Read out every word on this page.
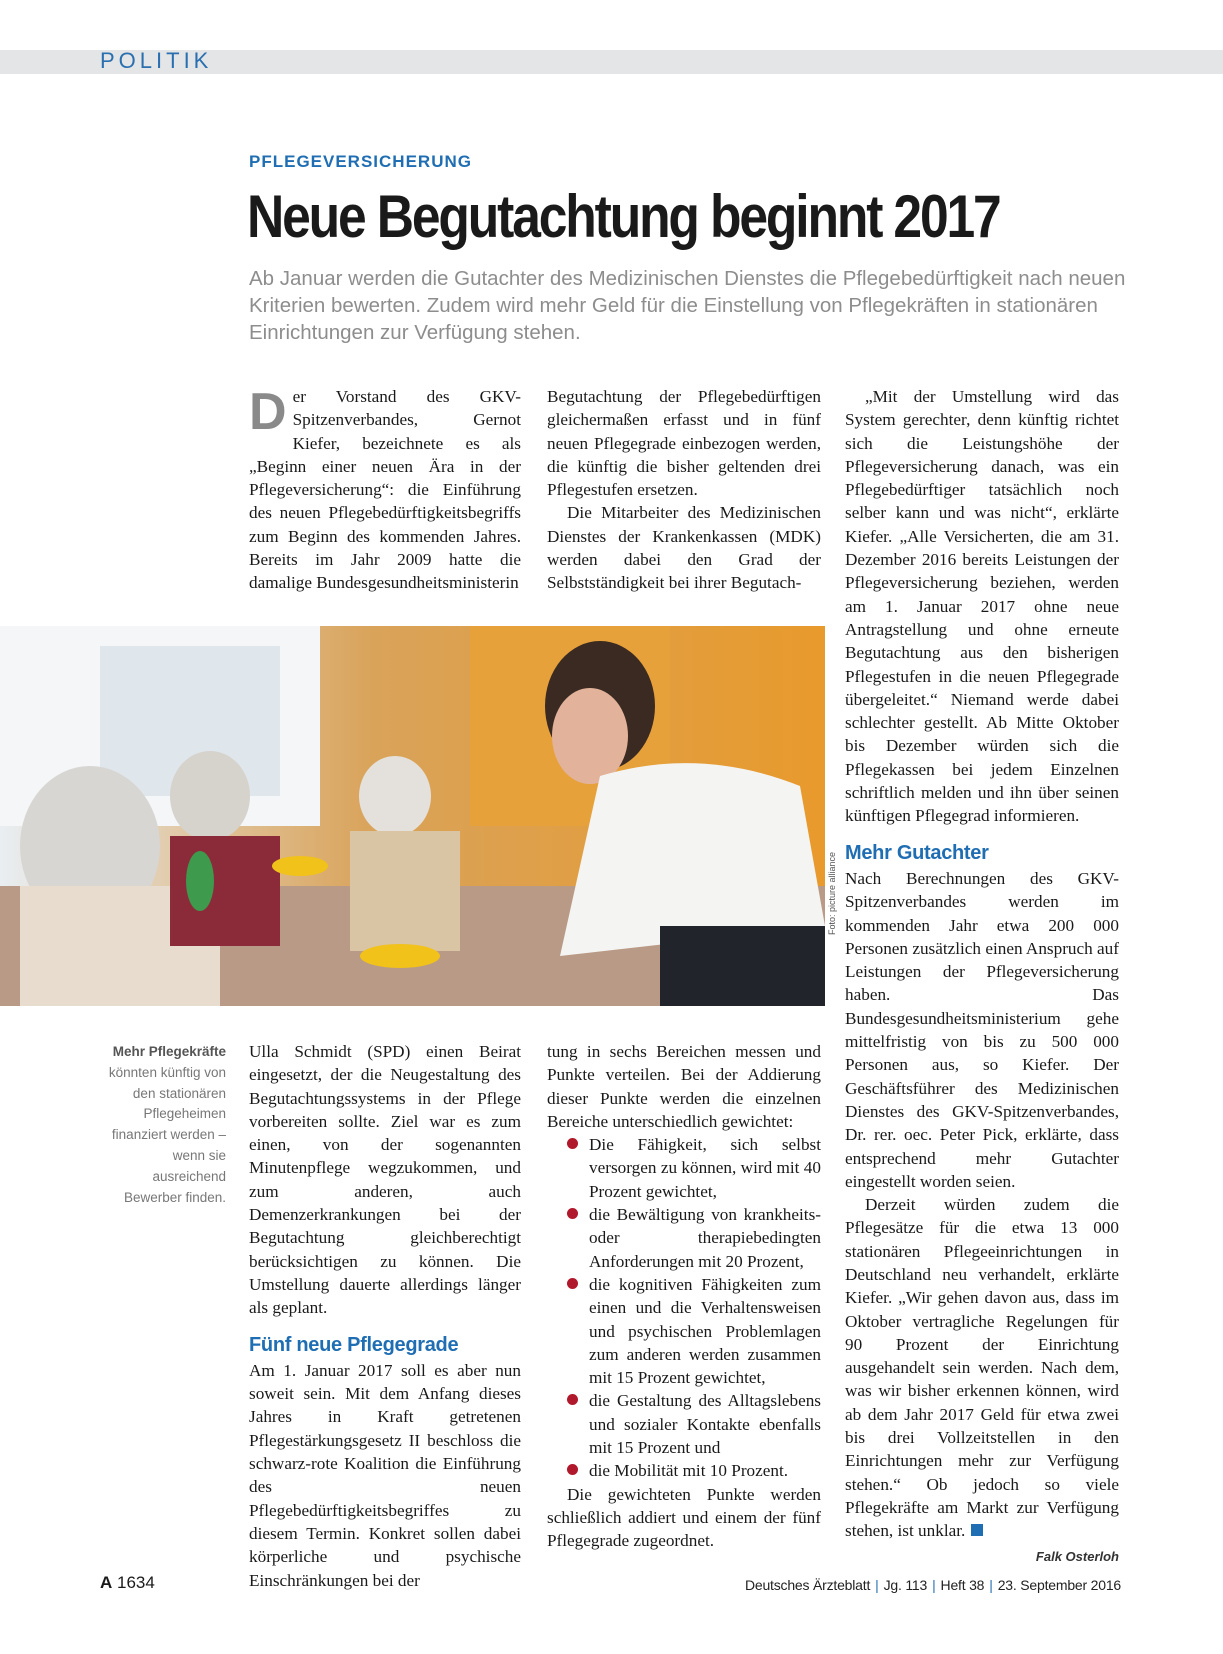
POLITIK
PFLEGEVERSICHERUNG
Neue Begutachtung beginnt 2017

Ab Januar werden die Gutachter des Medizinischen Dienstes die Pflegebedürftigkeit nach neuen Kriterien bewerten. Zudem wird mehr Geld für die Einstellung von Pflegekräften in stationären Einrichtungen zur Verfügung stehen.

Der Vorstand des GKV-Spitzenverbandes, Gernot Kiefer, bezeichnete es als „Beginn einer neuen Ära in der Pflegeversicherung“: die Einführung des neuen Pflegebedürftigkeitsbegriffs zum Beginn des kommenden Jahres. Bereits im Jahr 2009 hatte die damalige Bundesgesundheitsministerin

Begutachtung der Pflegebedürftigen gleichermaßen erfasst und in fünf neuen Pflegegrade einbezogen werden, die künftig die bisher geltenden drei Pflegestufen ersetzen.

Die Mitarbeiter des Medizinischen Dienstes der Krankenkassen (MDK) werden dabei den Grad der Selbstständigkeit bei ihrer Begutach-

„Mit der Umstellung wird das System gerechter, denn künftig richtet sich die Leistungshöhe der Pflegeversicherung danach, was ein Pflegebedürftiger tatsächlich noch selber kann und was nicht“, erklärte Kiefer. „Alle Versicherten, die am 31. Dezember 2016 bereits Leistungen der Pflegeversicherung beziehen, werden am 1. Januar 2017 ohne neue Antragstellung und ohne erneute Begutachtung aus den bisherigen Pflegestufen in die neuen Pflegegrade übergeleitet.“ Niemand werde dabei schlechter gestellt. Ab Mitte Oktober bis Dezember würden sich die Pflegekassen bei jedem Einzelnen schriftlich melden und ihn über seinen künftigen Pflegegrad informieren.

Mehr Gutachter

Nach Berechnungen des GKV-Spitzenverbandes werden im kommenden Jahr etwa 200 000 Personen zusätzlich einen Anspruch auf Leistungen der Pflegeversicherung haben. Das Bundesgesundheitsministerium gehe mittelfristig von bis zu 500 000 Personen aus, so Kiefer. Der Geschäftsführer des Medizinischen Dienstes des GKV-Spitzenverbandes, Dr. rer. oec. Peter Pick, erklärte, dass entsprechend mehr Gutachter eingestellt worden seien.

Derzeit würden zudem die Pflegesätze für die etwa 13 000 stationären Pflegeeinrichtungen in Deutschland neu verhandelt, erklärte Kiefer. „Wir gehen davon aus, dass im Oktober vertragliche Regelungen für 90 Prozent der Einrichtung ausgehandelt sein werden. Nach dem, was wir bisher erkennen können, wird ab dem Jahr 2017 Geld für etwa zwei bis drei Vollzeitstellen in den Einrichtungen mehr zur Verfügung stehen.“ Ob jedoch so viele Pflegekräfte am Markt zur Verfügung stehen, ist unklar.

Falk Osterloh

Foto: picture alliance
Mehr Pflegekräfte könnten künftig von den stationären Pflegeheimen finanziert werden – wenn sie ausreichend Bewerber finden.

Ulla Schmidt (SPD) einen Beirat eingesetzt, der die Neugestaltung des Begutachtungssystems in der Pflege vorbereiten sollte. Ziel war es zum einen, von der sogenannten Minutenpflege wegzukommen, und zum anderen, auch Demenzerkrankungen bei der Begutachtung gleichberechtigt berücksichtigen zu können. Die Umstellung dauerte allerdings länger als geplant.

Fünf neue Pflegegrade

Am 1. Januar 2017 soll es aber nun soweit sein. Mit dem Anfang dieses Jahres in Kraft getretenen Pflegestärkungsgesetz II beschloss die schwarz-rote Koalition die Einführung des neuen Pflegebedürftigkeitsbegriffes zu diesem Termin. Konkret sollen dabei körperliche und psychische Einschränkungen bei der

tung in sechs Bereichen messen und Punkte verteilen. Bei der Addierung dieser Punkte werden die einzelnen Bereiche unterschiedlich gewichtet:

Die Fähigkeit, sich selbst versorgen zu können, wird mit 40 Prozent gewichtet,

die Bewältigung von krankheits- oder therapiebedingten Anforderungen mit 20 Prozent,

die kognitiven Fähigkeiten zum einen und die Verhaltensweisen und psychischen Problemlagen zum anderen werden zusammen mit 15 Prozent gewichtet,

die Gestaltung des Alltagslebens und sozialer Kontakte ebenfalls mit 15 Prozent und

die Mobilität mit 10 Prozent.

Die gewichteten Punkte werden schließlich addiert und einem der fünf Pflegegrade zugeordnet.

A 1634	Deutsches Ärzteblatt | Jg. 113 | Heft 38 | 23. September 2016
